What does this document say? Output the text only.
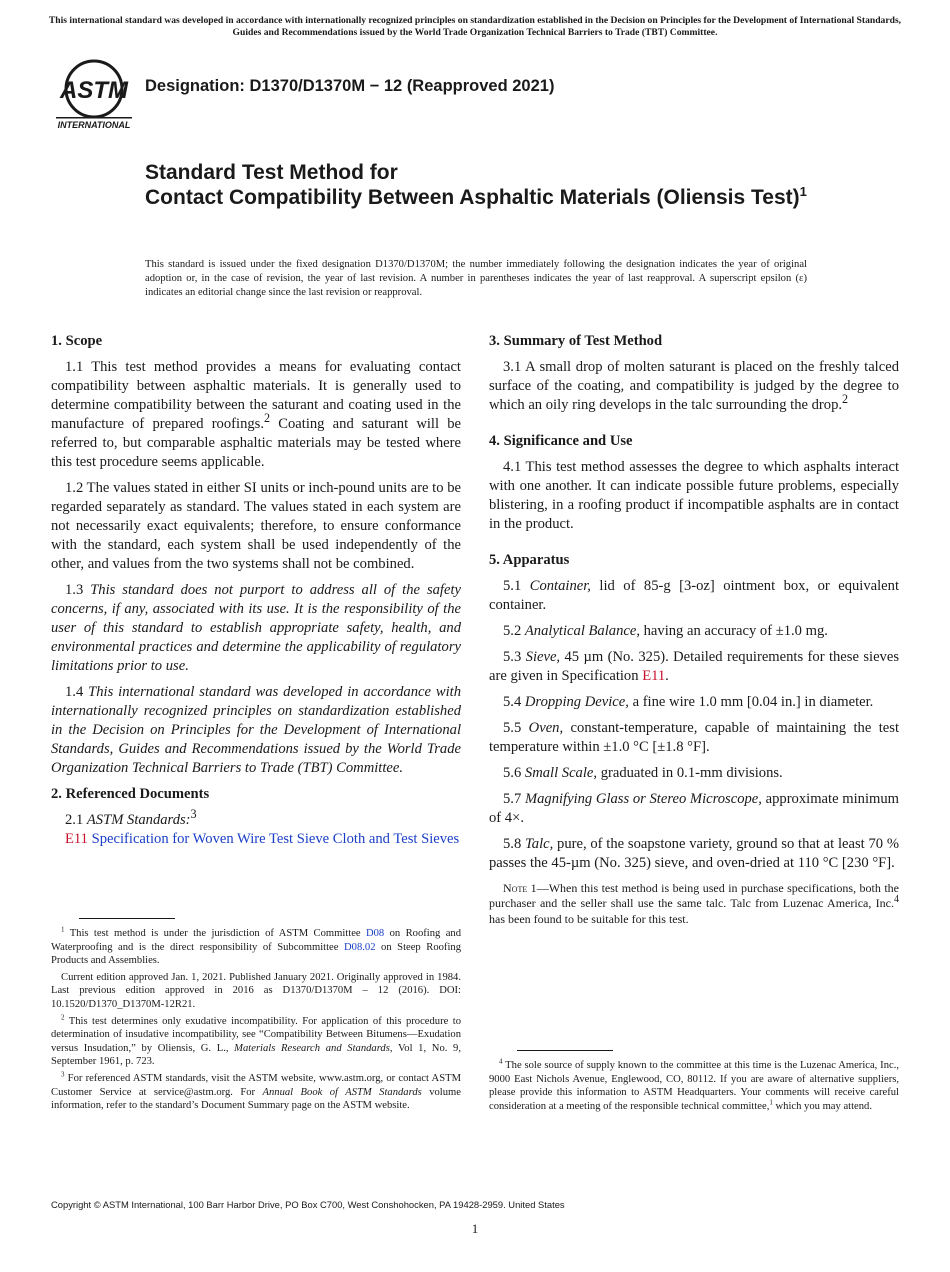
This international standard was developed in accordance with internationally recognized principles on standardization established in the Decision on Principles for the Development of International Standards, Guides and Recommendations issued by the World Trade Organization Technical Barriers to Trade (TBT) Committee.
ASTM
INTERNATIONAL
Designation: D1370/D1370M − 12 (Reapproved 2021)
Standard Test Method for
Contact Compatibility Between Asphaltic Materials (Oliensis Test)$^1$
This standard is issued under the fixed designation D1370/D1370M; the number immediately following the designation indicates the year of original adoption or, in the case of revision, the year of last revision. A number in parentheses indicates the year of last reapproval. A superscript epsilon (ε) indicates an editorial change since the last revision or reapproval.
1. Scope

1.1 This test method provides a means for evaluating contact compatibility between asphaltic materials. It is generally used to determine compatibility between the saturant and coating used in the manufacture of prepared roofings.$^2$ Coating and saturant will be referred to, but comparable asphaltic materials may be tested where this test procedure seems applicable.

1.2 The values stated in either SI units or inch-pound units are to be regarded separately as standard. The values stated in each system are not necessarily exact equivalents; therefore, to ensure conformance with the standard, each system shall be used independently of the other, and values from the two systems shall not be combined.

1.3 This standard does not purport to address all of the safety concerns, if any, associated with its use. It is the responsibility of the user of this standard to establish appropriate safety, health, and environmental practices and determine the applicability of regulatory limitations prior to use.

1.4 This international standard was developed in accordance with internationally recognized principles on standardization established in the Decision on Principles for the Development of International Standards, Guides and Recommendations issued by the World Trade Organization Technical Barriers to Trade (TBT) Committee.

2. Referenced Documents

2.1 ASTM Standards:$^3$

E11 Specification for Woven Wire Test Sieve Cloth and Test Sieves

$^1$ This test method is under the jurisdiction of ASTM Committee D08 on Roofing and Waterproofing and is the direct responsibility of Subcommittee D08.02 on Steep Roofing Products and Assemblies.

Current edition approved Jan. 1, 2021. Published January 2021. Originally approved in 1984. Last previous edition approved in 2016 as D1370/D1370M – 12 (2016). DOI: 10.1520/D1370_D1370M-12R21.

$^2$ This test determines only exudative incompatibility. For application of this procedure to determination of insudative incompatibility, see “Compatibility Between Bitumens—Exudation versus Insudation,” by Oliensis, G. L., Materials Research and Standards, Vol 1, No. 9, September 1961, p. 723.

$^3$ For referenced ASTM standards, visit the ASTM website, www.astm.org, or contact ASTM Customer Service at service@astm.org. For Annual Book of ASTM Standards volume information, refer to the standard’s Document Summary page on the ASTM website.

3. Summary of Test Method

3.1 A small drop of molten saturant is placed on the freshly talced surface of the coating, and compatibility is judged by the degree to which an oily ring develops in the talc surrounding the drop.$^2$

4. Significance and Use

4.1 This test method assesses the degree to which asphalts interact with one another. It can indicate possible future problems, especially blistering, in a roofing product if incompatible asphalts are in contact in the product.

5. Apparatus

5.1 Container, lid of 85-g [3-oz] ointment box, or equivalent container.

5.2 Analytical Balance, having an accuracy of ±1.0 mg.

5.3 Sieve, 45 µm (No. 325). Detailed requirements for these sieves are given in Specification E11.

5.4 Dropping Device, a fine wire 1.0 mm [0.04 in.] in diameter.

5.5 Oven, constant-temperature, capable of maintaining the test temperature within ±1.0 °C [±1.8 °F].

5.6 Small Scale, graduated in 0.1-mm divisions.

5.7 Magnifying Glass or Stereo Microscope, approximate minimum of 4×.

5.8 Talc, pure, of the soapstone variety, ground so that at least 70 % passes the 45-µm (No. 325) sieve, and oven-dried at 110 °C [230 °F].

Note 1—When this test method is being used in purchase specifications, both the purchaser and the seller shall use the same talc. Talc from Luzenac America, Inc.$^4$ has been found to be suitable for this test.

$^4$ The sole source of supply known to the committee at this time is the Luzenac America, Inc., 9000 East Nichols Avenue, Englewood, CO, 80112. If you are aware of alternative suppliers, please provide this information to ASTM Headquarters. Your comments will receive careful consideration at a meeting of the responsible technical committee,$^1$ which you may attend.

Copyright © ASTM International, 100 Barr Harbor Drive, PO Box C700, West Conshohocken, PA 19428-2959. United States
1
